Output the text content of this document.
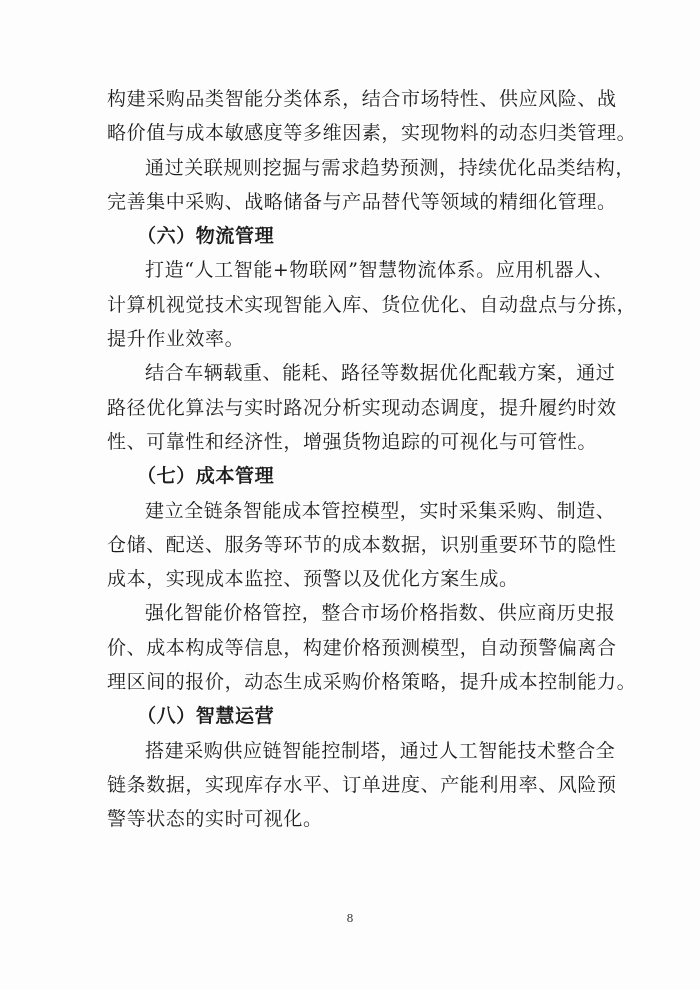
构建采购品类智能分类体系，结合市场特性、供应风险、战
略价值与成本敏感度等多维因素，实现物料的动态归类管理。
通过关联规则挖掘与需求趋势预测，持续优化品类结构，
完善集中采购、战略储备与产品替代等领域的精细化管理。
（六）物流管理
打造“人工智能+物联网”智慧物流体系。应用机器人、
计算机视觉技术实现智能入库、货位优化、自动盘点与分拣，
提升作业效率。
结合车辆载重、能耗、路径等数据优化配载方案，通过
路径优化算法与实时路况分析实现动态调度，提升履约时效
性、可靠性和经济性，增强货物追踪的可视化与可管性。
（七）成本管理
建立全链条智能成本管控模型，实时采集采购、制造、
仓储、配送、服务等环节的成本数据，识别重要环节的隐性
成本，实现成本监控、预警以及优化方案生成。
强化智能价格管控，整合市场价格指数、供应商历史报
价、成本构成等信息，构建价格预测模型，自动预警偏离合
理区间的报价，动态生成采购价格策略，提升成本控制能力。
（八）智慧运营
搭建采购供应链智能控制塔，通过人工智能技术整合全
链条数据，实现库存水平、订单进度、产能利用率、风险预
警等状态的实时可视化。
8
